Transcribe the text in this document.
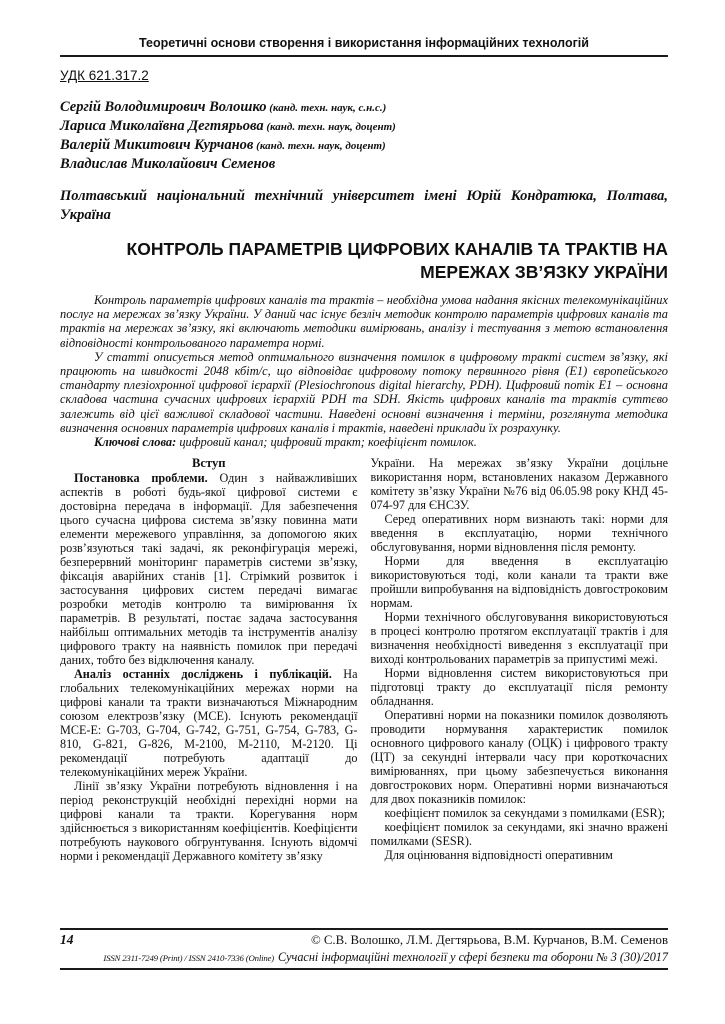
Теоретичні основи створення і використання інформаційних технологій
УДК 621.317.2
Сергій Володимирович Волошко (канд. техн. наук, с.н.с.)
Лариса Миколаївна Дегтярьова (канд. техн. наук, доцент)
Валерій Микитович Курчанов (канд. техн. наук, доцент)
Владислав Миколайович Семенов
Полтавський національний технічний університет імені Юрій Кондратюка, Полтава, Україна
КОНТРОЛЬ ПАРАМЕТРІВ ЦИФРОВИХ КАНАЛІВ ТА ТРАКТІВ НА МЕРЕЖАХ ЗВ’ЯЗКУ УКРАЇНИ

Контроль параметрів цифрових каналів та трактів – необхідна умова надання якісних телекомунікаційних послуг на мережах зв’язку України. У даний час існує безліч методик контролю параметрів цифрових каналів та трактів на мережах зв’язку, які включають методики вимірювань, аналізу і тестування з метою встановлення відповідності контрольованого параметра нормі.

У статті описується метод оптимального визначення помилок в цифровому тракті систем зв’язку, які працюють на швидкості 2048 кбіт/с, що відповідає цифровому потоку первинного рівня (Е1) європейського стандарту плезіохронної цифрової ієрархії (Plesiochronous digital hierarchy, PDH). Цифровий потік Е1 – основна складова частина сучасних цифрових ієрархій PDH та SDH. Якість цифрових каналів та трактів суттєво залежить від цієї важливої складової частини. Наведені основні визначення і терміни, розглянута методика визначення основних параметрів цифрових каналів і трактів, наведені приклади їх розрахунку.

Ключові слова: цифровий канал; цифровий тракт; коефіцієнт помилок.

Вступ

Постановка проблеми. Один з найважливіших аспектів в роботі будь-якої цифрової системи є достовірна передача в інформації. Для забезпечення цього сучасна цифрова система зв’язку повинна мати елементи мережевого управління, за допомогою яких розв’язуються такі задачі, як реконфігурація мережі, безперервний моніторинг параметрів системи зв’язку, фіксація аварійних станів [1]. Стрімкий розвиток і застосування цифрових систем передачі вимагає розробки методів контролю та вимірювання їх параметрів. В результаті, постає задача застосування найбільш оптимальних методів та інструментів аналізу цифрового тракту на наявність помилок при передачі даних, тобто без відключення каналу.

Аналіз останніх досліджень і публікацій. На глобальних телекомунікаційних мережах норми на цифрові канали та тракти визначаються Міжнародним союзом електрозв’язку (МСЕ). Існують рекомендації МСЕ-Е: G-703, G-704, G-742, G-751, G-754, G-783, G-810, G-821, G-826, М-2100, М-2110, М-2120. Ці рекомендації потребують адаптації до телекомунікаційних мереж України.

Лінії зв’язку України потребують відновлення і на період реконструкцій необхідні перехідні норми на цифрові канали та тракти. Корегування норм здійснюється з використанням коефіцієнтів. Коефіцієнти потребують наукового обгрунтування. Існують відомчі норми і рекомендації Державного комітету зв’язку

України. На мережах зв’язку України доцільне використання норм, встановлених наказом Державного комітету зв’язку України №76 від 06.05.98 року КНД 45-074-97 для ЄНСЗУ.

Серед оперативних норм визнають такі: норми для введення в експлуатацію, норми технічного обслуговування, норми відновлення після ремонту.

Норми для введення в експлуатацію використовуються тоді, коли канали та тракти вже пройшли випробування на відповідність довгостроковим нормам.

Норми технічного обслуговування використовуються в процесі контролю протягом експлуатації трактів і для визначення необхідності виведення з експлуатації при виході контрольованих параметрів за припустимі межі.

Норми відновлення систем використовуються при підготовці тракту до експлуатації після ремонту обладнання.

Оперативні норми на показники помилок дозволяють проводити нормування характеристик помилок основного цифрового каналу (ОЦК) і цифрового тракту (ЦТ) за секундні інтервали часу при короткочасних вимірюваннях, при цьому забезпечується виконання довгострокових норм. Оперативні норми визначаються для двох показників помилок:

коефіцієнт помилок за секундами з помилками (ESR);

коефіцієнт помилок за секундами, які значно вражені помилками (SESR).

Для оцінювання відповідності оперативним

14	© С.В. Волошко, Л.М. Дегтярьова, В.М. Курчанов, В.М. Семенов
ISSN 2311-7249 (Print) / ISSN 2410-7336 (Online) Сучасні інформаційні технології у сфері безпеки та оборони № 3 (30)/2017
